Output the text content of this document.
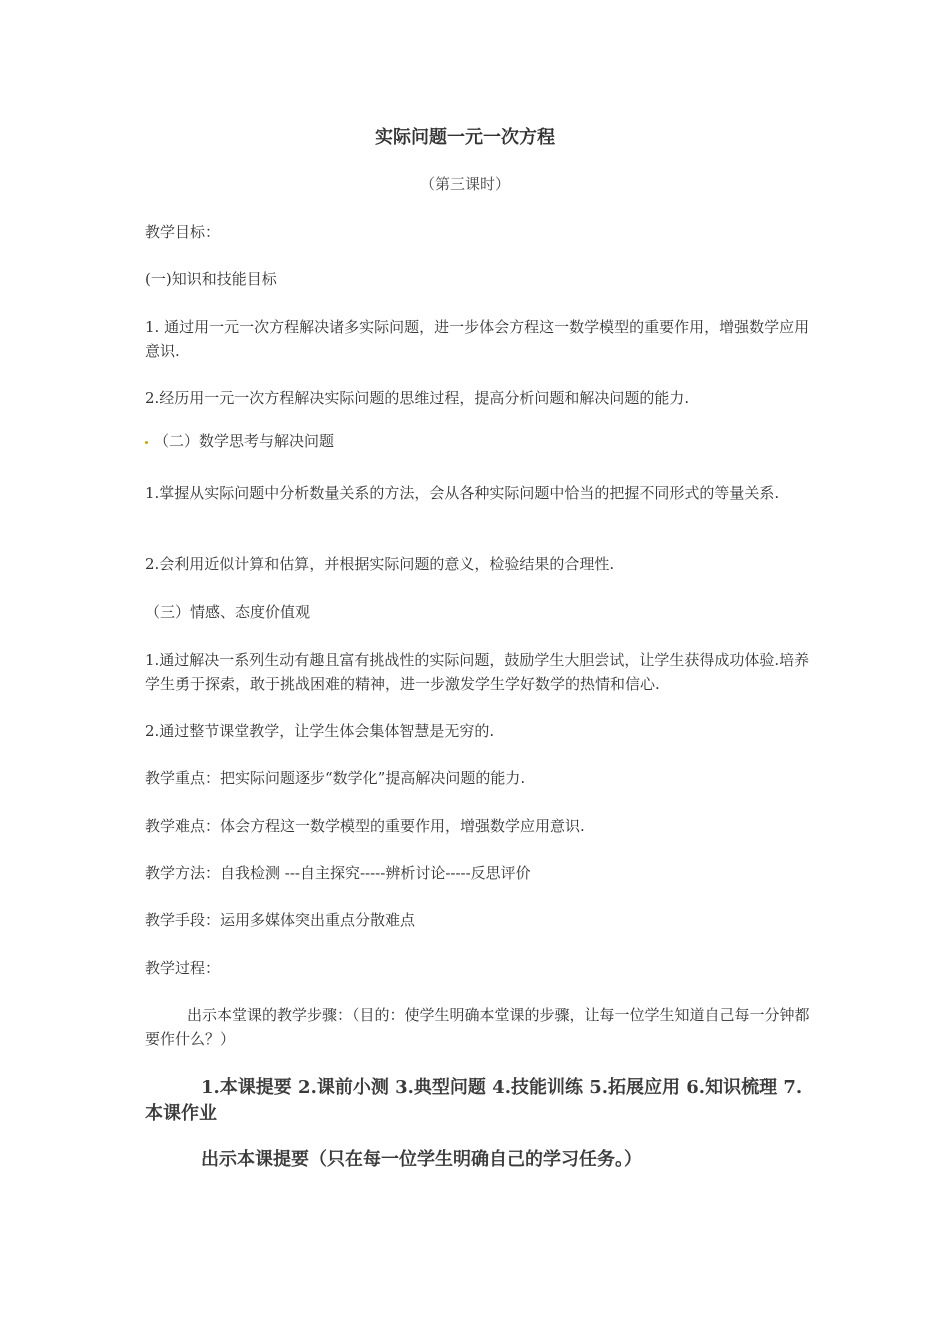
实际问题一元一次方程

（第三课时）

教学目标：

(一)知识和技能目标

1. 通过用一元一次方程解决诸多实际问题，进一步体会方程这一数学模型的重要作用，增强数学应用意识.

2.经历用一元一次方程解决实际问题的思维过程，提高分析问题和解决问题的能力.

（二）数学思考与解决问题

1.掌握从实际问题中分析数量关系的方法，会从各种实际问题中恰当的把握不同形式的等量关系.

2.会利用近似计算和估算，并根据实际问题的意义，检验结果的合理性.

（三）情感、态度价值观

1.通过解决一系列生动有趣且富有挑战性的实际问题，鼓励学生大胆尝试，让学生获得成功体验.培养学生勇于探索，敢于挑战困难的精神，进一步激发学生学好数学的热情和信心.

2.通过整节课堂教学，让学生体会集体智慧是无穷的.

教学重点：把实际问题逐步“数学化”提高解决问题的能力.

教学难点：体会方程这一数学模型的重要作用，增强数学应用意识.

教学方法：自我检测 ---自主探究-----辨析讨论-----反思评价

教学手段：运用多媒体突出重点分散难点

教学过程：

出示本堂课的教学步骤：（目的：使学生明确本堂课的步骤，让每一位学生知道自己每一分钟都要作什么？）

1.本课提要 2.课前小测 3.典型问题 4.技能训练 5.拓展应用 6.知识梳理 7.本课作业

出示本课提要（只在每一位学生明确自己的学习任务。）
